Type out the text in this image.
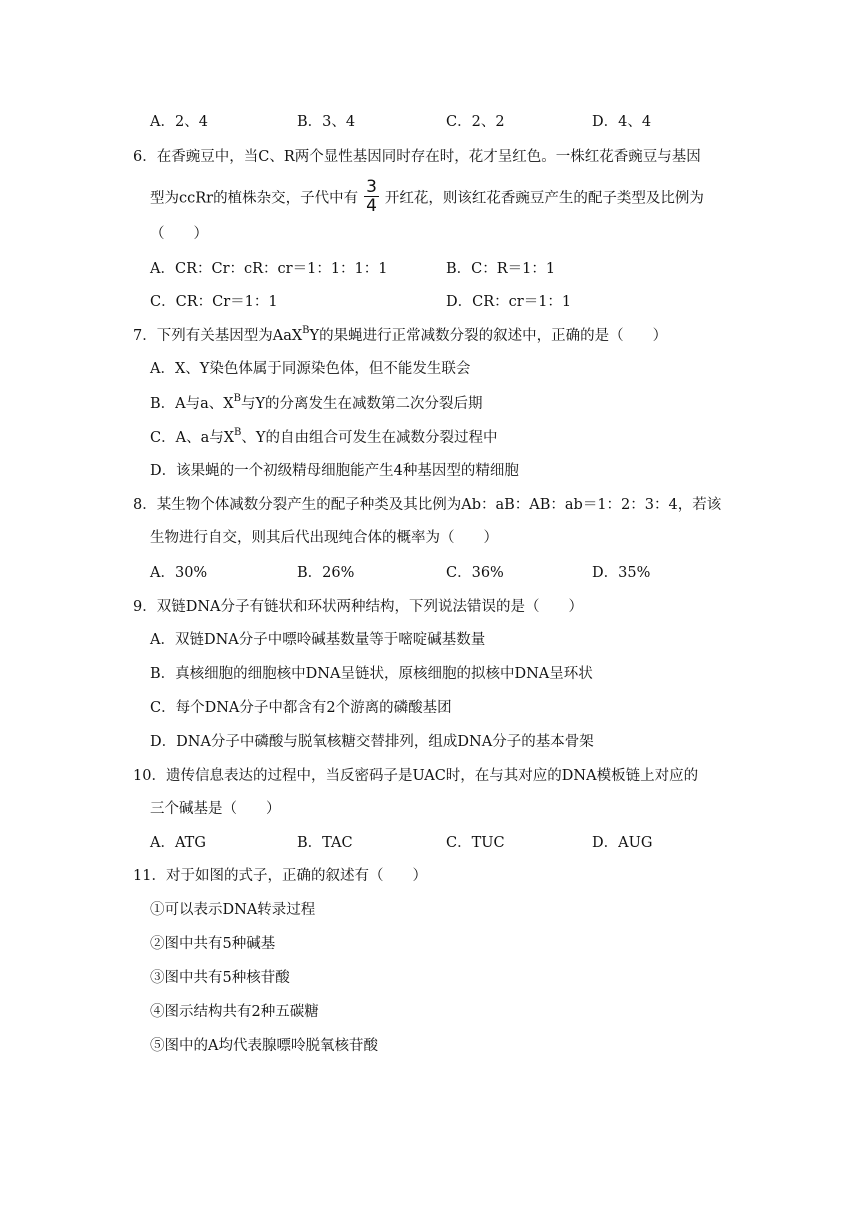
A．2、4	B．3、4	C．2、2	D．4、4
6．在香豌豆中，当C、R两个显性基因同时存在时，花才呈红色。一株红花香豌豆与基因
型为ccRr的植株杂交，子代中有 $\frac{3}{4}$ 开红花，则该红花香豌豆产生的配子类型及比例为
（　　）
A．CR：Cr：cR：cr＝1：1：1：1	B．C：R＝1：1
C．CR：Cr＝1：1	D．CR：cr＝1：1
7．下列有关基因型为AaX$^B$Y的果蝇进行正常减数分裂的叙述中，正确的是（　　）
A．X、Y染色体属于同源染色体，但不能发生联会
B．A与a、$X^B$与Y的分离发生在减数第二次分裂后期
C．A、a与$X^B$、Y的自由组合可发生在减数分裂过程中
D．该果蝇的一个初级精母细胞能产生4种基因型的精细胞
8．某生物个体减数分裂产生的配子种类及其比例为Ab：aB：AB：ab＝1：2：3：4，若该
生物进行自交，则其后代出现纯合体的概率为（　　）
A．30%	B．26%	C．36%	D．35%
9．双链DNA分子有链状和环状两种结构，下列说法错误的是（　　）
A．双链DNA分子中嘌呤碱基数量等于嘧啶碱基数量
B．真核细胞的细胞核中DNA呈链状，原核细胞的拟核中DNA呈环状
C．每个DNA分子中都含有2个游离的磷酸基团
D．DNA分子中磷酸与脱氧核糖交替排列，组成DNA分子的基本骨架
10．遗传信息表达的过程中，当反密码子是UAC时，在与其对应的DNA模板链上对应的
三个碱基是（　　）
A．ATG	B．TAC	C．TUC	D．AUG
11．对于如图的式子，正确的叙述有（　　）
①可以表示DNA转录过程
②图中共有5种碱基
③图中共有5种核苷酸
④图示结构共有2种五碳糖
⑤图中的A均代表腺嘌呤脱氧核苷酸
